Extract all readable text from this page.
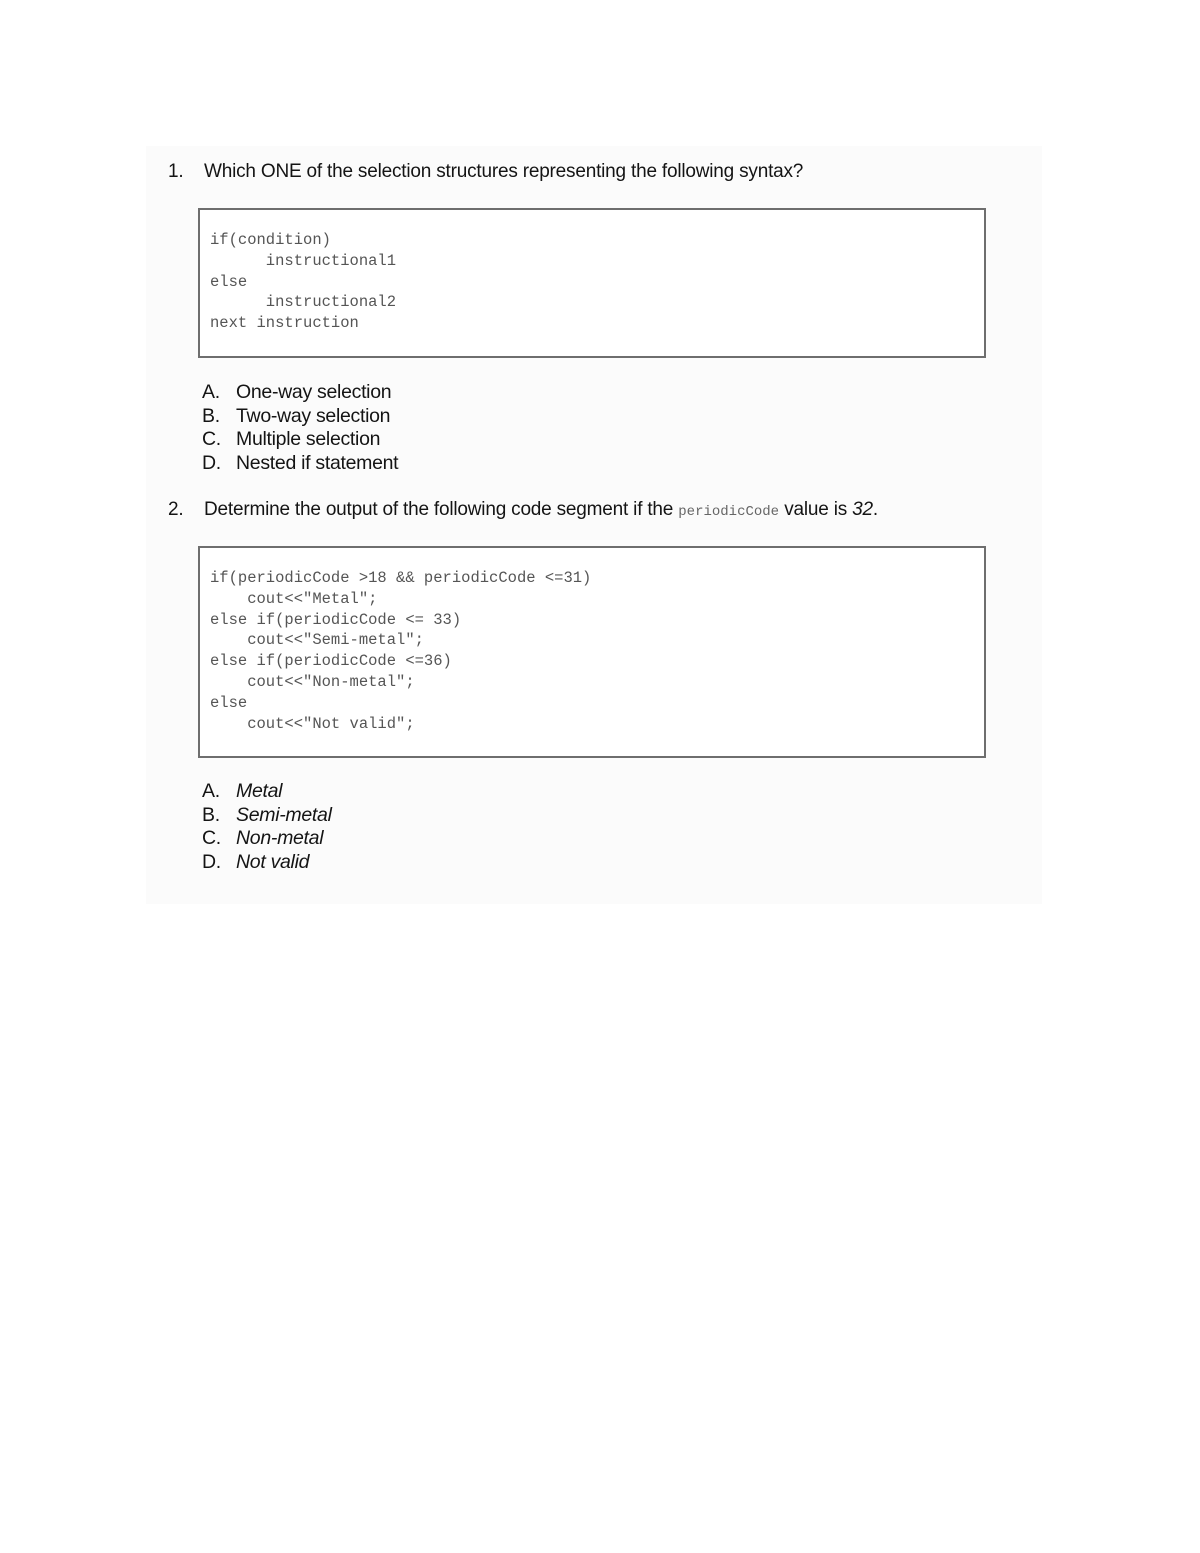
1.	Which ONE of the selection structures representing the following syntax?
if(condition)
instructional1
else
instructional2
next instruction
A. One-way selection
B. Two-way selection
C. Multiple selection
D. Nested if statement
2.	Determine the output of the following code segment if the periodicCode value is 32.
if(periodicCode >18 && periodicCode <=31)
cout<<"Metal";
else if(periodicCode <= 33)
cout<<"Semi-metal";
else if(periodicCode <=36)
cout<<"Non-metal";
else
cout<<"Not valid";
A. Metal
B. Semi-metal
C. Non-metal
D. Not valid
